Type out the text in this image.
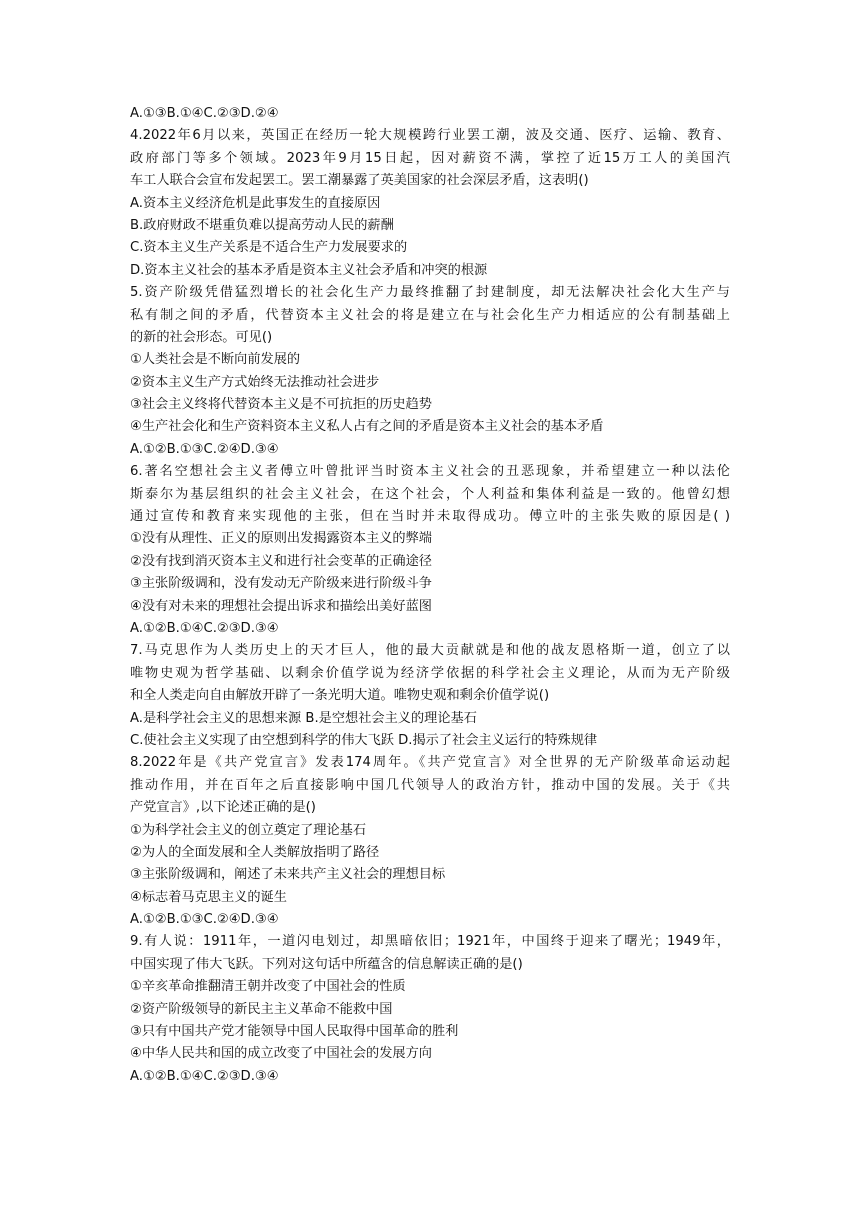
A.①③B.①④C.②③D.②④
4.2022年6月以来，英国正在经历一轮大规模跨行业罢工潮，波及交通、医疗、运输、教育、
政府部门等多个领域。2023年9月15日起，因对薪资不满，掌控了近15万工人的美国汽
车工人联合会宣布发起罢工。罢工潮暴露了英美国家的社会深层矛盾，这表明()
A.资本主义经济危机是此事发生的直接原因
B.政府财政不堪重负难以提高劳动人民的薪酬
C.资本主义生产关系是不适合生产力发展要求的
D.资本主义社会的基本矛盾是资本主义社会矛盾和冲突的根源
5.资产阶级凭借猛烈增长的社会化生产力最终推翻了封建制度，却无法解决社会化大生产与
私有制之间的矛盾，代替资本主义社会的将是建立在与社会化生产力相适应的公有制基础上
的新的社会形态。可见()
①人类社会是不断向前发展的
②资本主义生产方式始终无法推动社会进步
③社会主义终将代替资本主义是不可抗拒的历史趋势
④生产社会化和生产资料资本主义私人占有之间的矛盾是资本主义社会的基本矛盾
A.①②B.①③C.②④D.③④
6.著名空想社会主义者傅立叶曾批评当时资本主义社会的丑恶现象，并希望建立一种以法伦
斯泰尔为基层组织的社会主义社会，在这个社会，个人利益和集体利益是一致的。他曾幻想
通过宣传和教育来实现他的主张，但在当时并未取得成功。傅立叶的主张失败的原因是( )
①没有从理性、正义的原则出发揭露资本主义的弊端
②没有找到消灭资本主义和进行社会变革的正确途径
③主张阶级调和，没有发动无产阶级来进行阶级斗争
④没有对未来的理想社会提出诉求和描绘出美好蓝图
A.①②B.①④C.②③D.③④
7.马克思作为人类历史上的天才巨人，他的最大贡献就是和他的战友恩格斯一道，创立了以
唯物史观为哲学基础、以剩余价值学说为经济学依据的科学社会主义理论，从而为无产阶级
和全人类走向自由解放开辟了一条光明大道。唯物史观和剩余价值学说()
A.是科学社会主义的思想来源 B.是空想社会主义的理论基石
C.使社会主义实现了由空想到科学的伟大飞跃 D.揭示了社会主义运行的特殊规律
8.2022年是《共产党宣言》发表174周年。《共产党宣言》对全世界的无产阶级革命运动起
推动作用，并在百年之后直接影响中国几代领导人的政治方针，推动中国的发展。关于《共
产党宣言》,以下论述正确的是()
①为科学社会主义的创立奠定了理论基石
②为人的全面发展和全人类解放指明了路径
③主张阶级调和，阐述了未来共产主义社会的理想目标
④标志着马克思主义的诞生
A.①②B.①③C.②④D.③④
9.有人说：1911年，一道闪电划过，却黑暗依旧；1921年，中国终于迎来了曙光；1949年，
中国实现了伟大飞跃。下列对这句话中所蕴含的信息解读正确的是()
①辛亥革命推翻清王朝并改变了中国社会的性质
②资产阶级领导的新民主主义革命不能救中国
③只有中国共产党才能领导中国人民取得中国革命的胜利
④中华人民共和国的成立改变了中国社会的发展方向
A.①②B.①④C.②③D.③④
